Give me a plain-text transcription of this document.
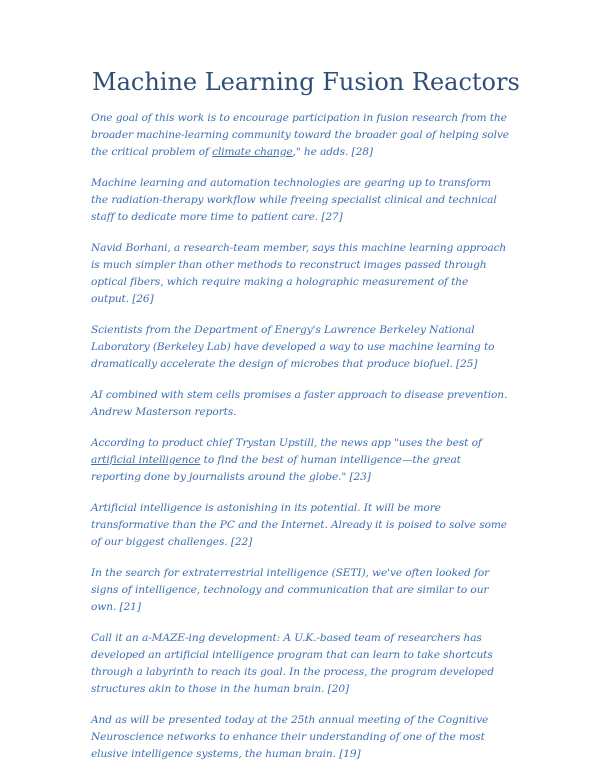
Machine Learning Fusion Reactors

One goal of this work is to encourage participation in fusion research from the broader machine-learning community toward the broader goal of helping solve the critical problem of climate change," he adds. [28]

Machine learning and automation technologies are gearing up to transform the radiation-therapy workflow while freeing specialist clinical and technical staff to dedicate more time to patient care. [27]

Navid Borhani, a research-team member, says this machine learning approach is much simpler than other methods to reconstruct images passed through optical fibers, which require making a holographic measurement of the output. [26]

Scientists from the Department of Energy's Lawrence Berkeley National Laboratory (Berkeley Lab) have developed a way to use machine learning to dramatically accelerate the design of microbes that produce biofuel. [25]

AI combined with stem cells promises a faster approach to disease prevention. Andrew Masterson reports.

According to product chief Trystan Upstill, the news app "uses the best of artificial intelligence to find the best of human intelligence—the great reporting done by journalists around the globe." [23]

Artificial intelligence is astonishing in its potential. It will be more transformative than the PC and the Internet. Already it is poised to solve some of our biggest challenges. [22]

In the search for extraterrestrial intelligence (SETI), we've often looked for signs of intelligence, technology and communication that are similar to our own. [21]

Call it an a-MAZE-ing development: A U.K.-based team of researchers has developed an artificial intelligence program that can learn to take shortcuts through a labyrinth to reach its goal. In the process, the program developed structures akin to those in the human brain. [20]

And as will be presented today at the 25th annual meeting of the Cognitive Neuroscience networks to enhance their understanding of one of the most elusive intelligence systems, the human brain. [19]
